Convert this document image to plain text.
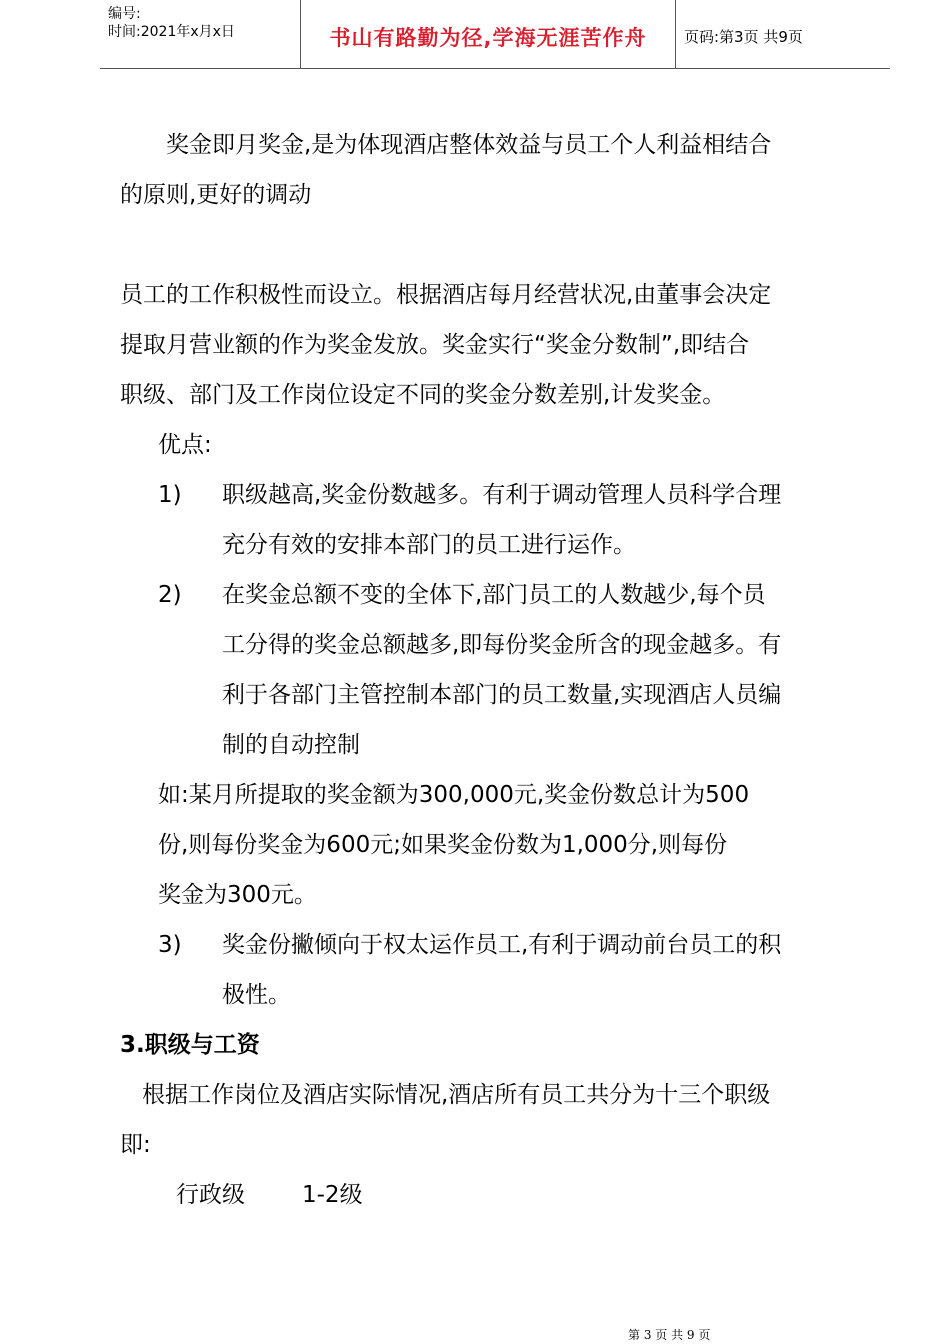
编号:
时间:2021年x月x日	书山有路勤为径,学海无涯苦作舟	页码:第3页 共9页
奖金即月奖金,是为体现酒店整体效益与员工个人利益相结合
的原则,更好的调动
员工的工作积极性而设立。根据酒店每月经营状况,由董事会决定
提取月营业额的作为奖金发放。奖金实行“奖金分数制”,即结合
职级、部门及工作岗位设定不同的奖金分数差别,计发奖金。
优点:
1) 职级越高,奖金份数越多。有利于调动管理人员科学合理
充分有效的安排本部门的员工进行运作。
2) 在奖金总额不变的全体下,部门员工的人数越少,每个员
工分得的奖金总额越多,即每份奖金所含的现金越多。有
利于各部门主管控制本部门的员工数量,实现酒店人员编
制的自动控制
如:某月所提取的奖金额为300,000元,奖金份数总计为500
份,则每份奖金为600元;如果奖金份数为1,000分,则每份
奖金为300元。
3) 奖金份撇倾向于权太运作员工,有利于调动前台员工的积
极性。
3.职级与工资
根据工作岗位及酒店实际情况,酒店所有员工共分为十三个职级
即:
行政级 1-2级
第 3 页 共 9 页
